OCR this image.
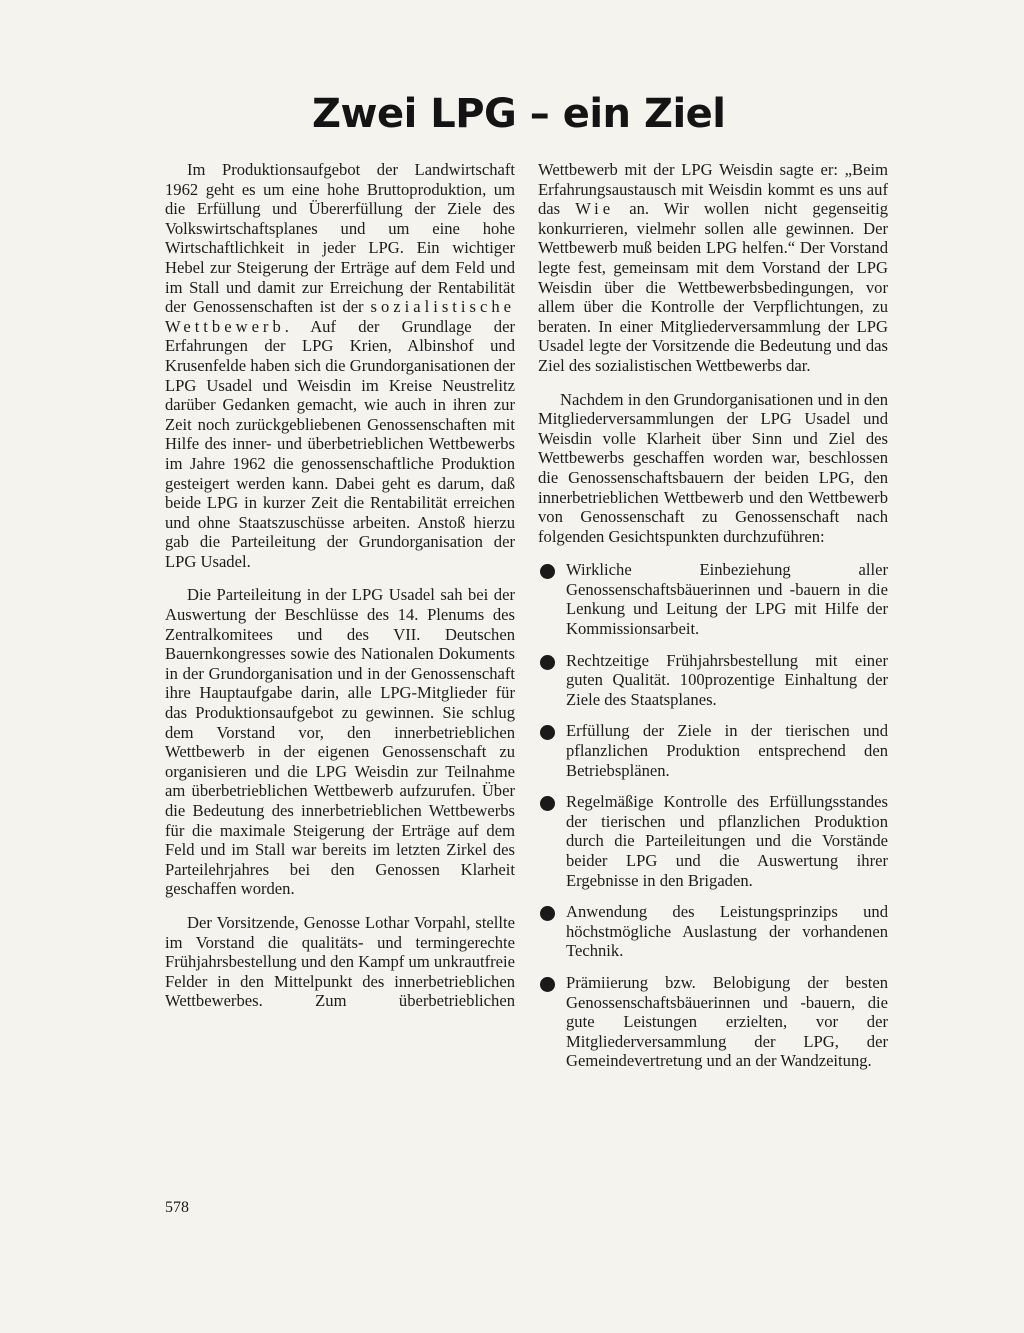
Zwei LPG – ein Ziel

Im Produktionsaufgebot der Landwirtschaft 1962 geht es um eine hohe Bruttoproduktion, um die Erfüllung und Übererfüllung der Ziele des Volkswirtschaftsplanes und um eine hohe Wirtschaftlichkeit in jeder LPG. Ein wichtiger Hebel zur Steigerung der Erträge auf dem Feld und im Stall und damit zur Erreichung der Rentabilität der Genossenschaften ist der sozialistische Wettbewerb. Auf der Grundlage der Erfahrungen der LPG Krien, Albinshof und Krusenfelde haben sich die Grundorganisationen der LPG Usadel und Weisdin im Kreise Neustrelitz darüber Gedanken gemacht, wie auch in ihren zur Zeit noch zurückgebliebenen Genossenschaften mit Hilfe des inner- und überbetrieblichen Wettbewerbs im Jahre 1962 die genossenschaftliche Produktion gesteigert werden kann. Dabei geht es darum, daß beide LPG in kurzer Zeit die Rentabilität erreichen und ohne Staatszuschüsse arbeiten. Anstoß hierzu gab die Parteileitung der Grundorganisation der LPG Usadel.

Die Parteileitung in der LPG Usadel sah bei der Auswertung der Beschlüsse des 14. Plenums des Zentralkomitees und des VII. Deutschen Bauernkongresses sowie des Nationalen Dokuments in der Grundorganisation und in der Genossenschaft ihre Hauptaufgabe darin, alle LPG-Mitglieder für das Produktionsaufgebot zu gewinnen. Sie schlug dem Vorstand vor, den innerbetrieblichen Wettbewerb in der eigenen Genossenschaft zu organisieren und die LPG Weisdin zur Teilnahme am überbetrieblichen Wettbewerb aufzurufen. Über die Bedeutung des innerbetrieblichen Wettbewerbs für die maximale Steigerung der Erträge auf dem Feld und im Stall war bereits im letzten Zirkel des Parteilehrjahres bei den Genossen Klarheit geschaffen worden.

Der Vorsitzende, Genosse Lothar Vorpahl, stellte im Vorstand die qualitäts- und termingerechte Frühjahrsbestellung und den Kampf um unkrautfreie Felder in den Mittelpunkt des innerbetrieblichen Wettbewerbes. Zum überbetrieblichen

Wettbewerb mit der LPG Weisdin sagte er: „Beim Erfahrungsaustausch mit Weisdin kommt es uns auf das Wie an. Wir wollen nicht gegenseitig konkurrieren, vielmehr sollen alle gewinnen. Der Wettbewerb muß beiden LPG helfen.“ Der Vorstand legte fest, gemeinsam mit dem Vorstand der LPG Weisdin über die Wettbewerbsbedingungen, vor allem über die Kontrolle der Verpflichtungen, zu beraten. In einer Mitgliederversammlung der LPG Usadel legte der Vorsitzende die Bedeutung und das Ziel des sozialistischen Wettbewerbs dar.

Nachdem in den Grundorganisationen und in den Mitgliederversammlungen der LPG Usadel und Weisdin volle Klarheit über Sinn und Ziel des Wettbewerbs geschaffen worden war, beschlossen die Genossenschaftsbauern der beiden LPG, den innerbetrieblichen Wettbewerb und den Wettbewerb von Genossenschaft zu Genossenschaft nach folgenden Gesichtspunkten durchzuführen:

Wirkliche Einbeziehung aller Genossenschaftsbäuerinnen und -bauern in die Lenkung und Leitung der LPG mit Hilfe der Kommissionsarbeit.
Rechtzeitige Frühjahrsbestellung mit einer guten Qualität. 100prozentige Einhaltung der Ziele des Staatsplanes.
Erfüllung der Ziele in der tierischen und pflanzlichen Produktion entsprechend den Betriebsplänen.
Regelmäßige Kontrolle des Erfüllungsstandes der tierischen und pflanzlichen Produktion durch die Parteileitungen und die Vorstände beider LPG und die Auswertung ihrer Ergebnisse in den Brigaden.
Anwendung des Leistungsprinzips und höchstmögliche Auslastung der vorhandenen Technik.
Prämiierung bzw. Belobigung der besten Genossenschaftsbäuerinnen und -bauern, die gute Leistungen erzielten, vor der Mitgliederversammlung der LPG, der Gemeindevertretung und an der Wandzeitung.
578
